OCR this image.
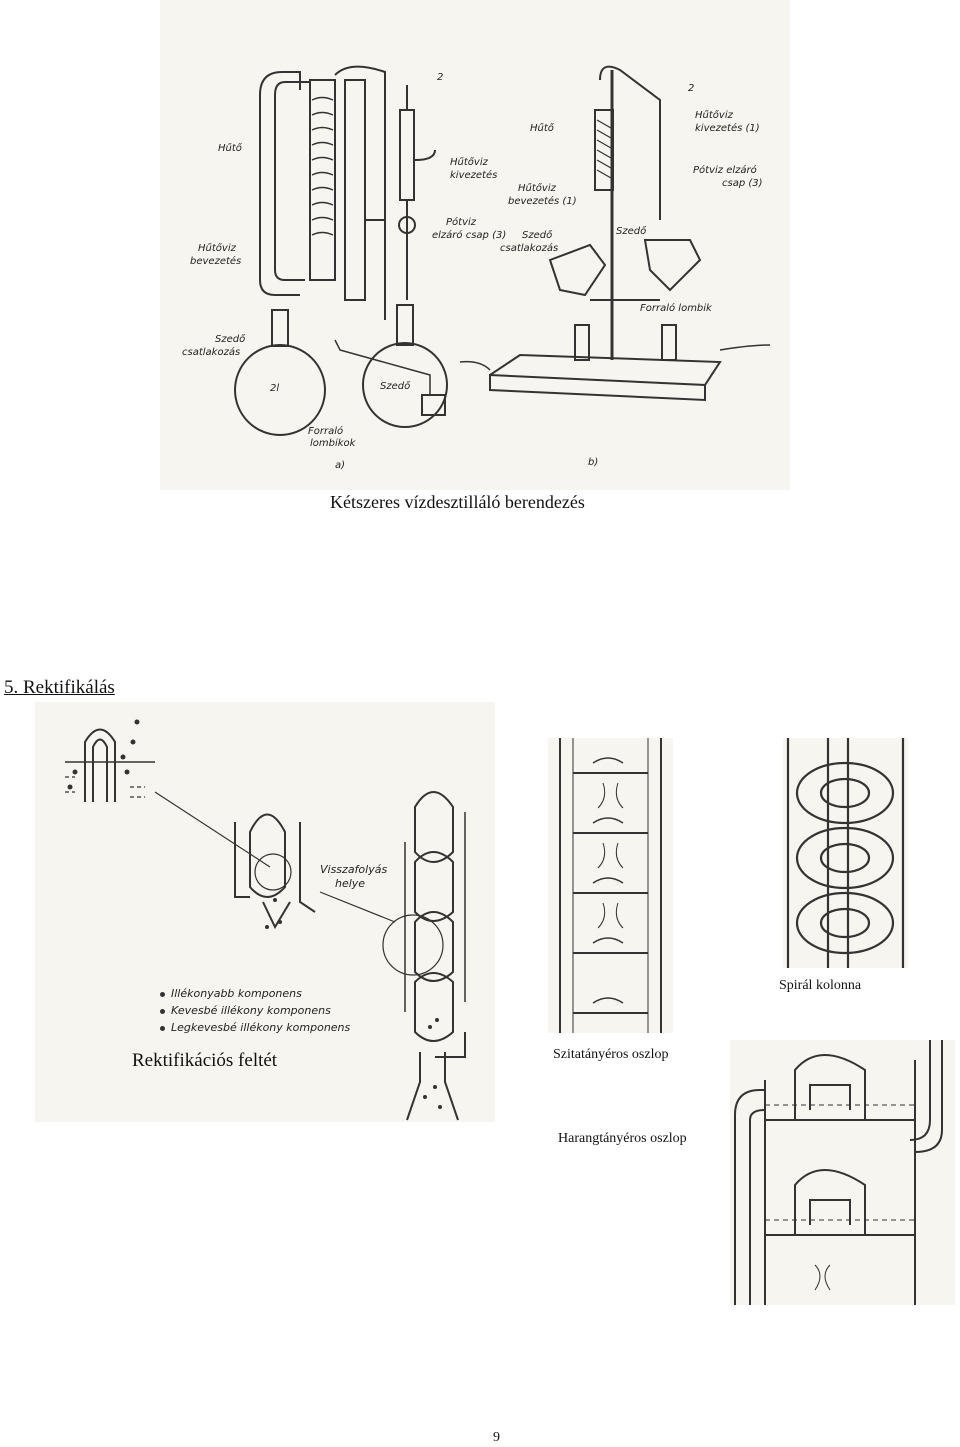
Hűtő
Hűtőviz
bevezetés
Szedő
csatlakozás
2l
Forraló
lombikok
Szedő
Hűtőviz
kivezetés
Pótviz
elzáró csap (3)
2
a)
Hűtő
2
Hűtőviz
kivezetés (1)
Hűtőviz
bevezetés (1)
Pótviz elzáró
csap (3)
Szedő
csatlakozás
Szedő
Forraló lombik
b)
Kétszeres vízdesztilláló berendezés
5. Rektifikálás
Visszafolyás
helye
Illékonyabb komponens
Kevesbé illékony komponens
Legkevesbé illékony komponens
Rektifikációs feltét	Szitatányéros oszlop
Spirál kolonna
Harangtányéros oszlop
9
